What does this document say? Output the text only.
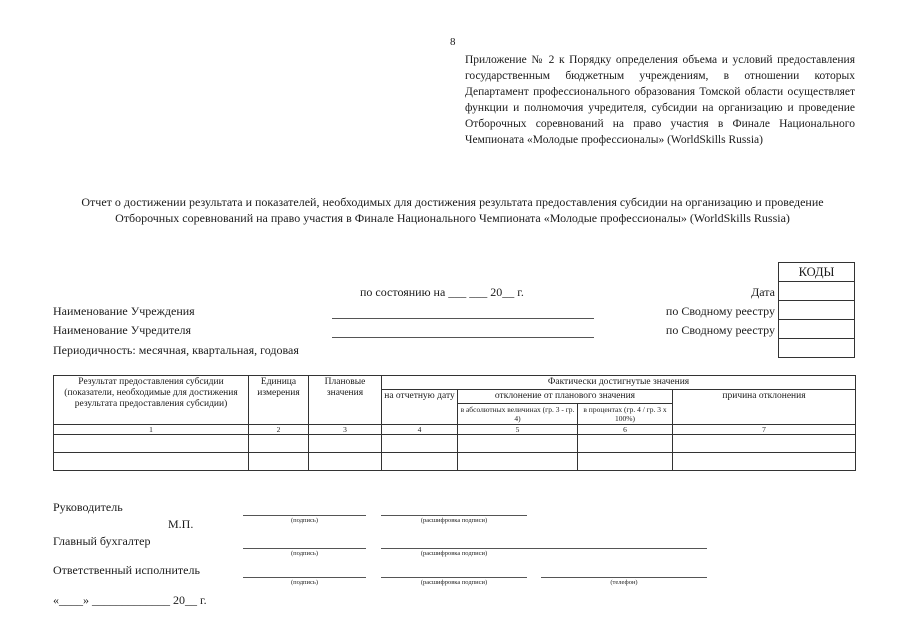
8
Приложение № 2 к Порядку определения объема и условий предоставления государственным бюджетным учреждениям, в отношении которых Департамент профессионального образования Томской области осуществляет функции и полномочия учредителя, субсидии на организацию и проведение Отборочных соревнований на право участия в Финале Национального Чемпионата «Молодые профессионалы» (WorldSkills Russia)
Отчет о достижении результата и показателей, необходимых для достижения результата предоставления субсидии на организацию и проведение Отборочных соревнований на право участия в Финале Национального Чемпионата «Молодые профессионалы» (WorldSkills Russia)
КОДЫ

по состоянию на ___ ___ 20__ г.	Дата
Наименование Учреждения	по Сводному реестру
Наименование Учредителя	по Сводному реестру
Периодичность: месячная, квартальная, годовая
Результат предоставления субсидии (показатели, необходимые для достижения результата предоставления субсидии)	Единица измерения	Плановые значения	Фактически достигнутые значения			
			на отчетную дату	отклонение от планового значения		причина отклонения
				в абсолютных величинах (гр. 3 - гр. 4)	в процентах (гр. 4 / гр. 3 x 100%)	
1	2	3	4	5	6	7

Руководитель
М.П.	(подпись)	(расшифровка подписи)
Главный бухгалтер
(подпись)	(расшифровка подписи)
Ответственный исполнитель
(подпись)	(расшифровка подписи)	(телефон)
«____» _____________ 20__ г.
